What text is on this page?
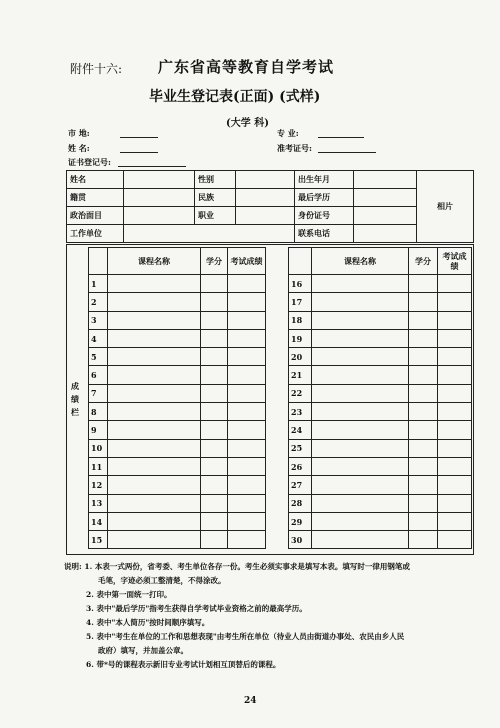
附件十六: 广东省高等教育自学考试
毕业生登记表(正面) (式样)
(大学 科)
市 地:	专 业:
姓 名:	准考证号:
证书登记号:
姓名		性别		出生年月		相片
籍贯		民族		最后学历		
政治面目		职业		身份证号		
工作单位				联系电话		
成
绩
栏
	课程名称	学分	考试成绩
1			
2			
3			
4			
5			
6			
7			
8			
9			
10			
11			
12			
13			
14			
15			
	课程名称	学分	考试成绩
16			
17			
18			
19			
20			
21			
22			
23			
24			
25			
26			
27			
28			
29			
30			
说明: 1. 本表一式两份，省考委、考生单位各存一份。考生必须实事求是填写本表。填写时一律用钢笔或
毛笔，字迹必须工整清楚，不得涂改。
2. 表中第一面统一打印。
3. 表中"最后学历"指考生获得自学考试毕业资格之前的最高学历。
4. 表中"本人简历"按时间顺序填写。
5. 表中"考生在单位的工作和思想表现"由考生所在单位（待业人员由街道办事处、农民由乡人民
政府）填写，并加盖公章。
6. 带*号的课程表示新旧专业考试计划相互顶替后的课程。
24
